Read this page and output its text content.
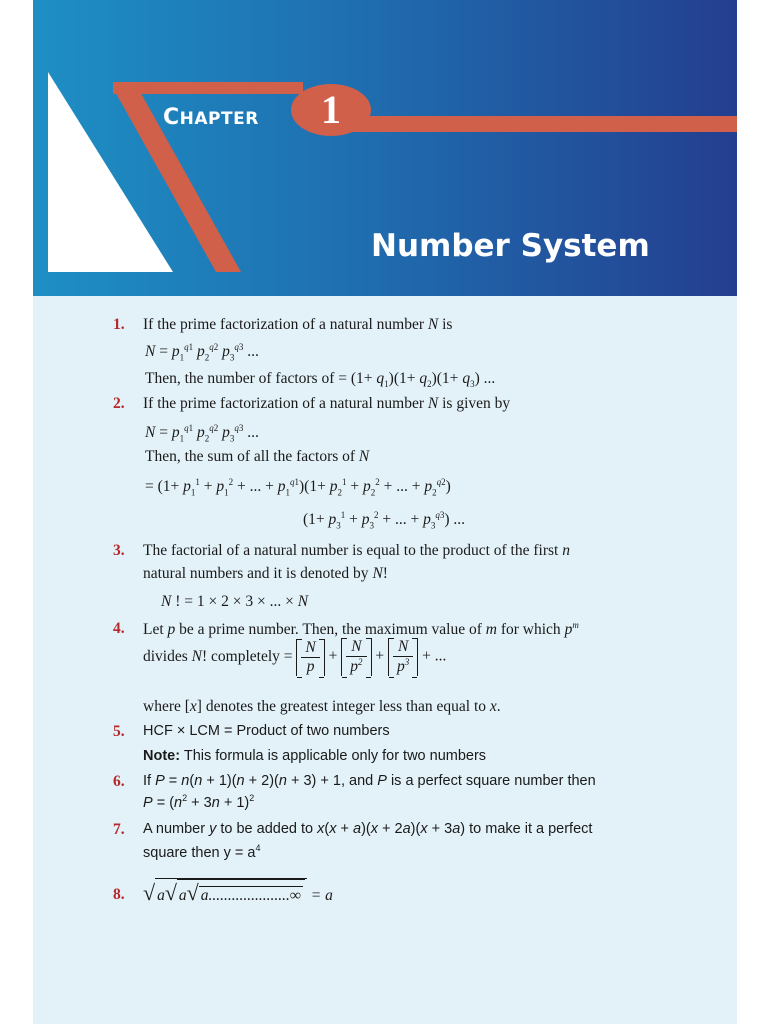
CHAPTER	1
Number System
1. If the prime factorization of a natural number N is
$N = p_1^{q1}$ $p_2^{q2}$ $p_3^{q3}$ ...
Then, the number of factors of = $(1+ q_1)(1+ q_2)(1+ q_3)$ ...
2. If the prime factorization of a natural number N is given by
$N = p_1^{q1}$ $p_2^{q2}$ $p_3^{q3}$ ...
Then, the sum of all the factors of N
= ($1+ p_1^1 + p_1^2$ + ... + $p_1^{q1})(1+ p_2^1 + p_2^2$ + ... + $p_2^{q2}$)
($1+ p_3^1 + p_3^2$ + ... + $p_3^{q3}$) ...
3. The factorial of a natural number is equal to the product of the first n
natural numbers and it is denoted by N!
N ! = 1 × 2 × 3 × ... × N
4. Let p be a prime number. Then, the maximum value of m for which $p^m$
divides N! completely = $\frac{N}{p} + \frac{N}{p^2} + \frac{N}{p^3}$ + ...
where [x] denotes the greatest integer less than equal to x.
5. HCF × LCM = Product of two numbers
Note: This formula is applicable only for two numbers
6. If P = n(n + 1)(n + 2)(n + 3) + 1, and P is a perfect square number then
$P = (n^2 + 3n + 1)^2$
7. A number y to be added to x(x + a)(x + 2a)(x + 3a) to make it a perfect
square then $y = a^4$
8. √ a√ a√ a.....................∞ = a
